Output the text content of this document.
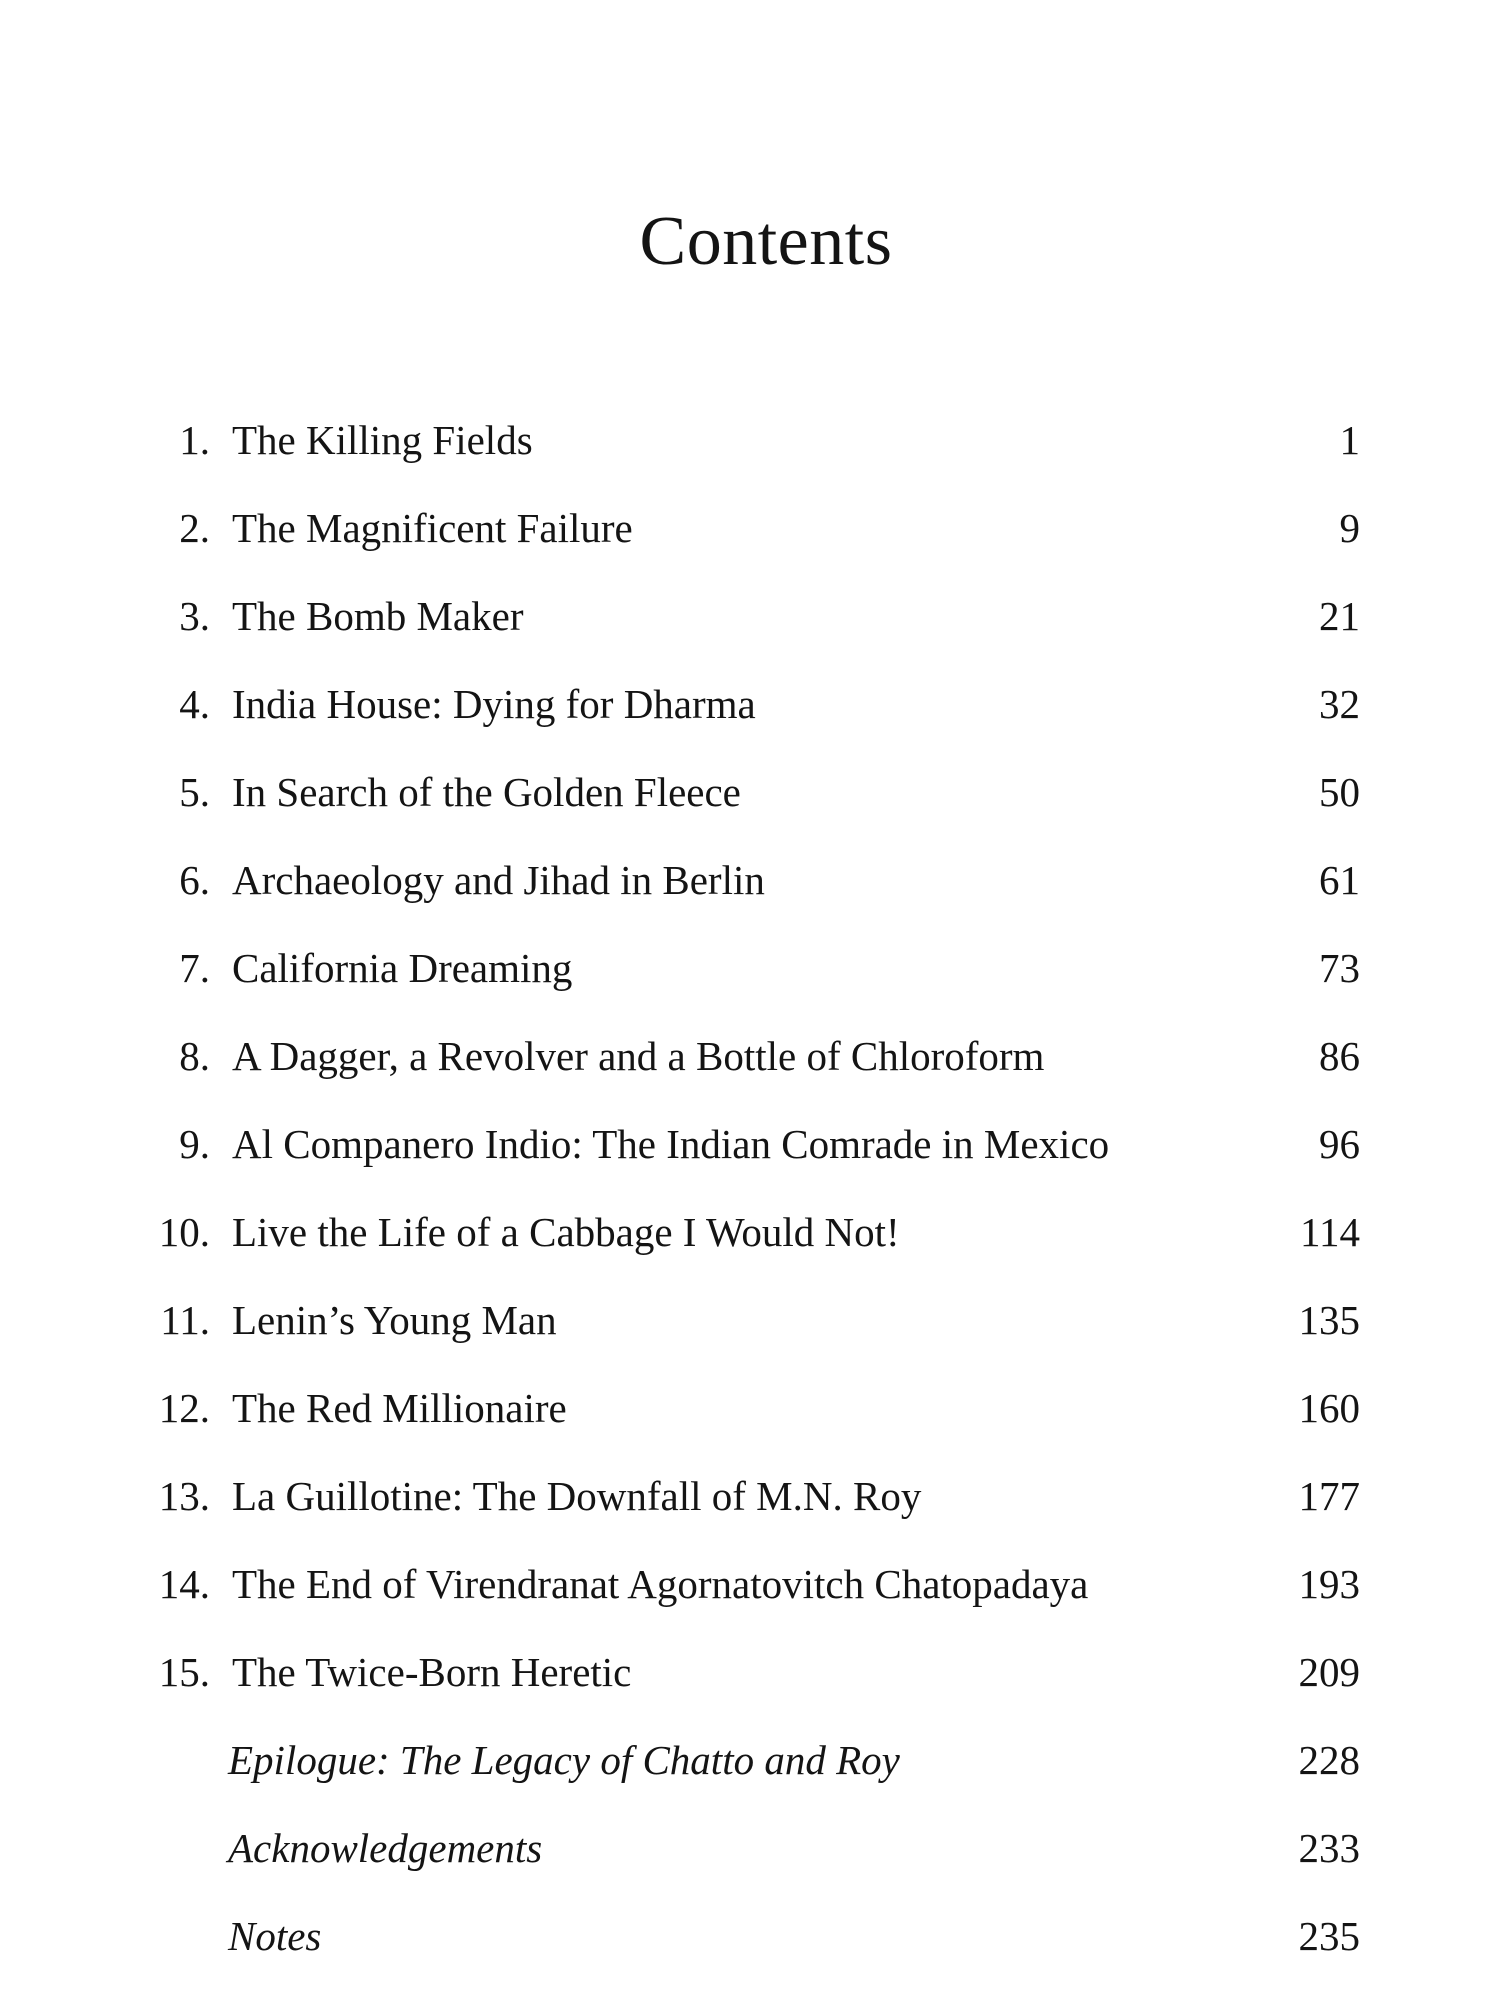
Contents
1. The Killing Fields	1
2. The Magnificent Failure	9
3. The Bomb Maker	21
4. India House: Dying for Dharma	32
5. In Search of the Golden Fleece	50
6. Archaeology and Jihad in Berlin	61
7. California Dreaming	73
8. A Dagger, a Revolver and a Bottle of Chloroform	86
9. Al Companero Indio: The Indian Comrade in Mexico	96
10. Live the Life of a Cabbage I Would Not!	114
11. Lenin’s Young Man	135
12. The Red Millionaire	160
13. La Guillotine: The Downfall of M.N. Roy	177
14. The End of Virendranat Agornatovitch Chatopadaya	193
15. The Twice-Born Heretic	209
Epilogue: The Legacy of Chatto and Roy	228
Acknowledgements	233
Notes	235
